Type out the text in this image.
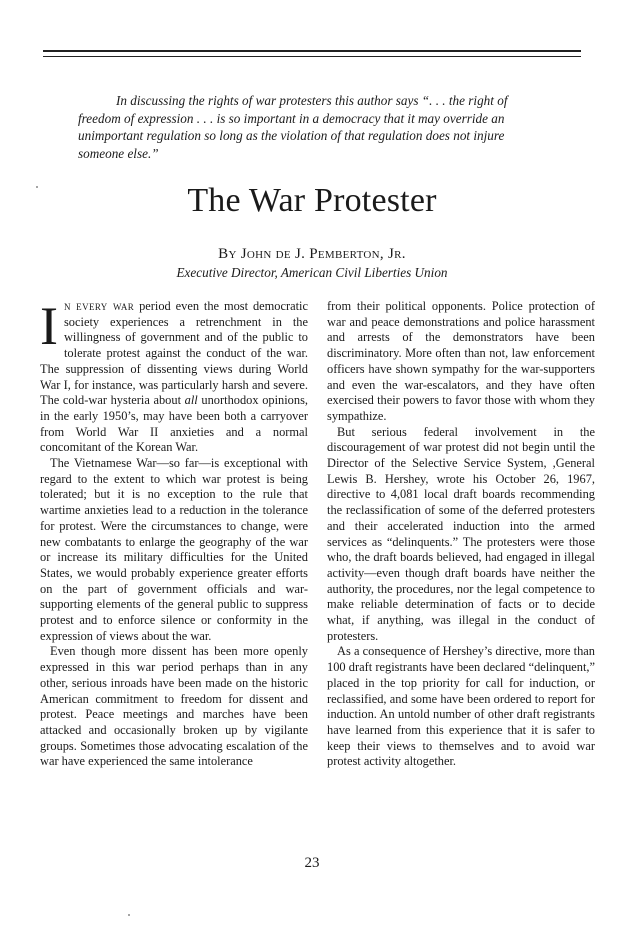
In discussing the rights of war protesters this author says “. . . the right of freedom of expression . . . is so important in a democracy that it may override an unimportant regulation so long as the violation of that regulation does not injure someone else.”
The War Protester
By John de J. Pemberton, Jr.
Executive Director, American Civil Liberties Union

In every war period even the most democratic society experiences a retrenchment in the willingness of government and of the public to tolerate protest against the conduct of the war. The suppression of dissenting views during World War I, for instance, was particularly harsh and severe. The cold-war hysteria about all unorthodox opinions, in the early 1950’s, may have been both a carryover from World War II anxieties and a normal concomitant of the Korean War.

The Vietnamese War—so far—is exceptional with regard to the extent to which war protest is being tolerated; but it is no exception to the rule that wartime anxieties lead to a reduction in the tolerance for protest. Were the circumstances to change, were new combatants to enlarge the geography of the war or increase its military difficulties for the United States, we would probably experience greater efforts on the part of government officials and war-supporting elements of the general public to suppress protest and to enforce silence or conformity in the expression of views about the war.

Even though more dissent has been more openly expressed in this war period perhaps than in any other, serious inroads have been made on the historic American commitment to freedom for dissent and protest. Peace meetings and marches have been attacked and occasionally broken up by vigilante groups. Sometimes those advocating escalation of the war have experienced the same intolerance

from their political opponents. Police protection of war and peace demonstrations and police harassment and arrests of the demonstrators have been discriminatory. More often than not, law enforcement officers have shown sympathy for the war-supporters and even the war-escalators, and they have often exercised their powers to favor those with whom they sympathize.

But serious federal involvement in the discouragement of war protest did not begin until the Director of the Selective Service System, ,General Lewis B. Hershey, wrote his October 26, 1967, directive to 4,081 local draft boards recommending the reclassification of some of the deferred protesters and their accelerated induction into the armed services as “delinquents.” The protesters were those who, the draft boards believed, had engaged in illegal activity—even though draft boards have neither the authority, the procedures, nor the legal competence to make reliable determination of facts or to decide what, if anything, was illegal in the conduct of protesters.

As a consequence of Hershey’s directive, more than 100 draft registrants have been declared “delinquent,” placed in the top priority for call for induction, or reclassified, and some have been ordered to report for induction. An untold number of other draft registrants have learned from this experience that it is safer to keep their views to themselves and to avoid war protest activity altogether.

23
